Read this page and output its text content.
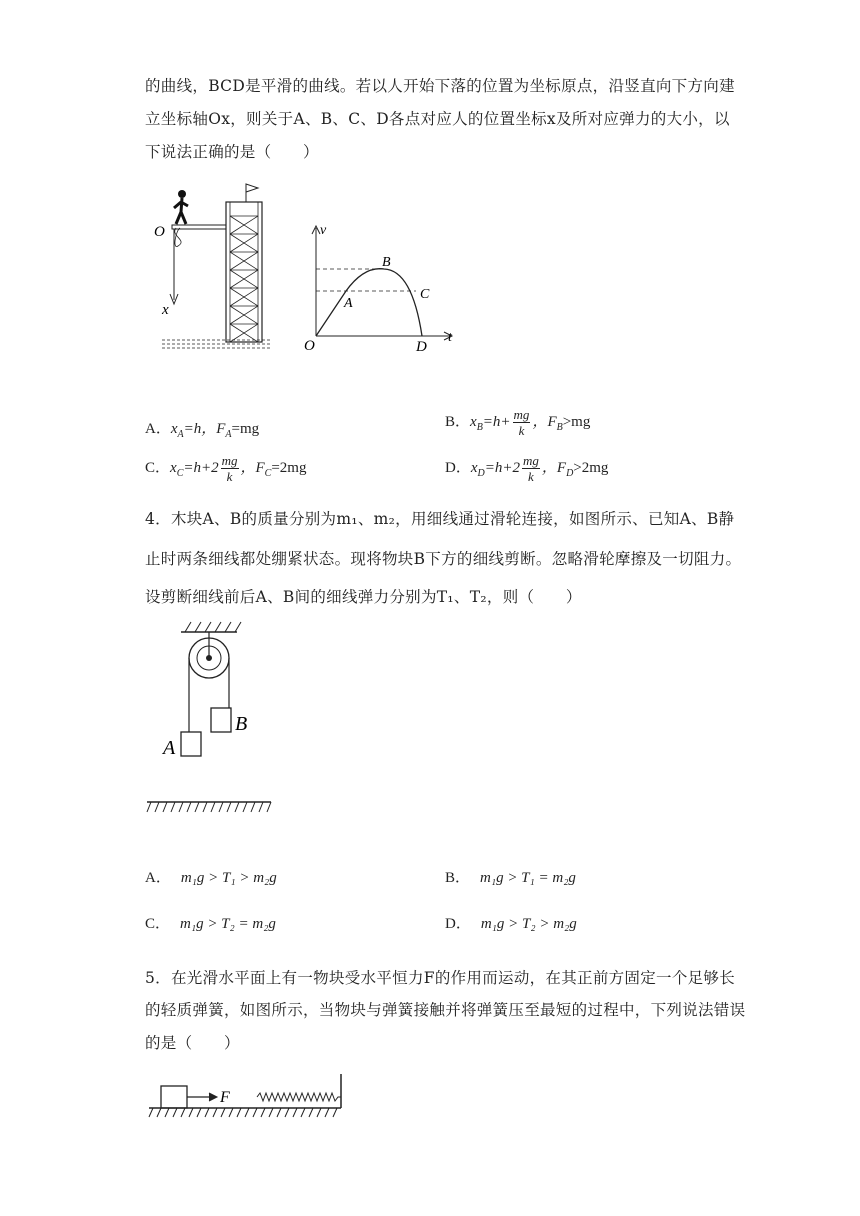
的曲线，BCD是平滑的曲线。若以人开始下落的位置为坐标原点，沿竖直向下方向建
立坐标轴Ox，则关于A、B、C、D各点对应人的位置坐标x及所对应弹力的大小，以
下说法正确的是（　　）
O
x
v
t
O
A
B
C
D
A．$x_A=h$，$F_A=mg$	B．$x_B=h+ \frac{mg}{k}$ ，$F_B>mg$
C．$x_C=h+2 \frac{mg}{k}$ ，$F_C=2mg$	D．$x_D=h+2 \frac{mg}{k}$ ，$F_D>2mg$
4．木块A、B的质量分别为m₁、m₂，用细线通过滑轮连接，如图所示、已知A、B静
止时两条细线都处绷紧状态。现将物块B下方的细线剪断。忽略滑轮摩擦及一切阻力。
设剪断细线前后A、B间的细线弹力分别为T₁、T₂，则（　　）
A
B
A． m₁g > T₁ > m₂g	B． m₁g > T₁ = m₂g
C． m₁g > T₂ = m₂g	D． m₁g > T₂ > m₂g
5．在光滑水平面上有一物块受水平恒力F的作用而运动，在其正前方固定一个足够长
的轻质弹簧，如图所示，当物块与弹簧接触并将弹簧压至最短的过程中，下列说法错误
的是（　　）
F
